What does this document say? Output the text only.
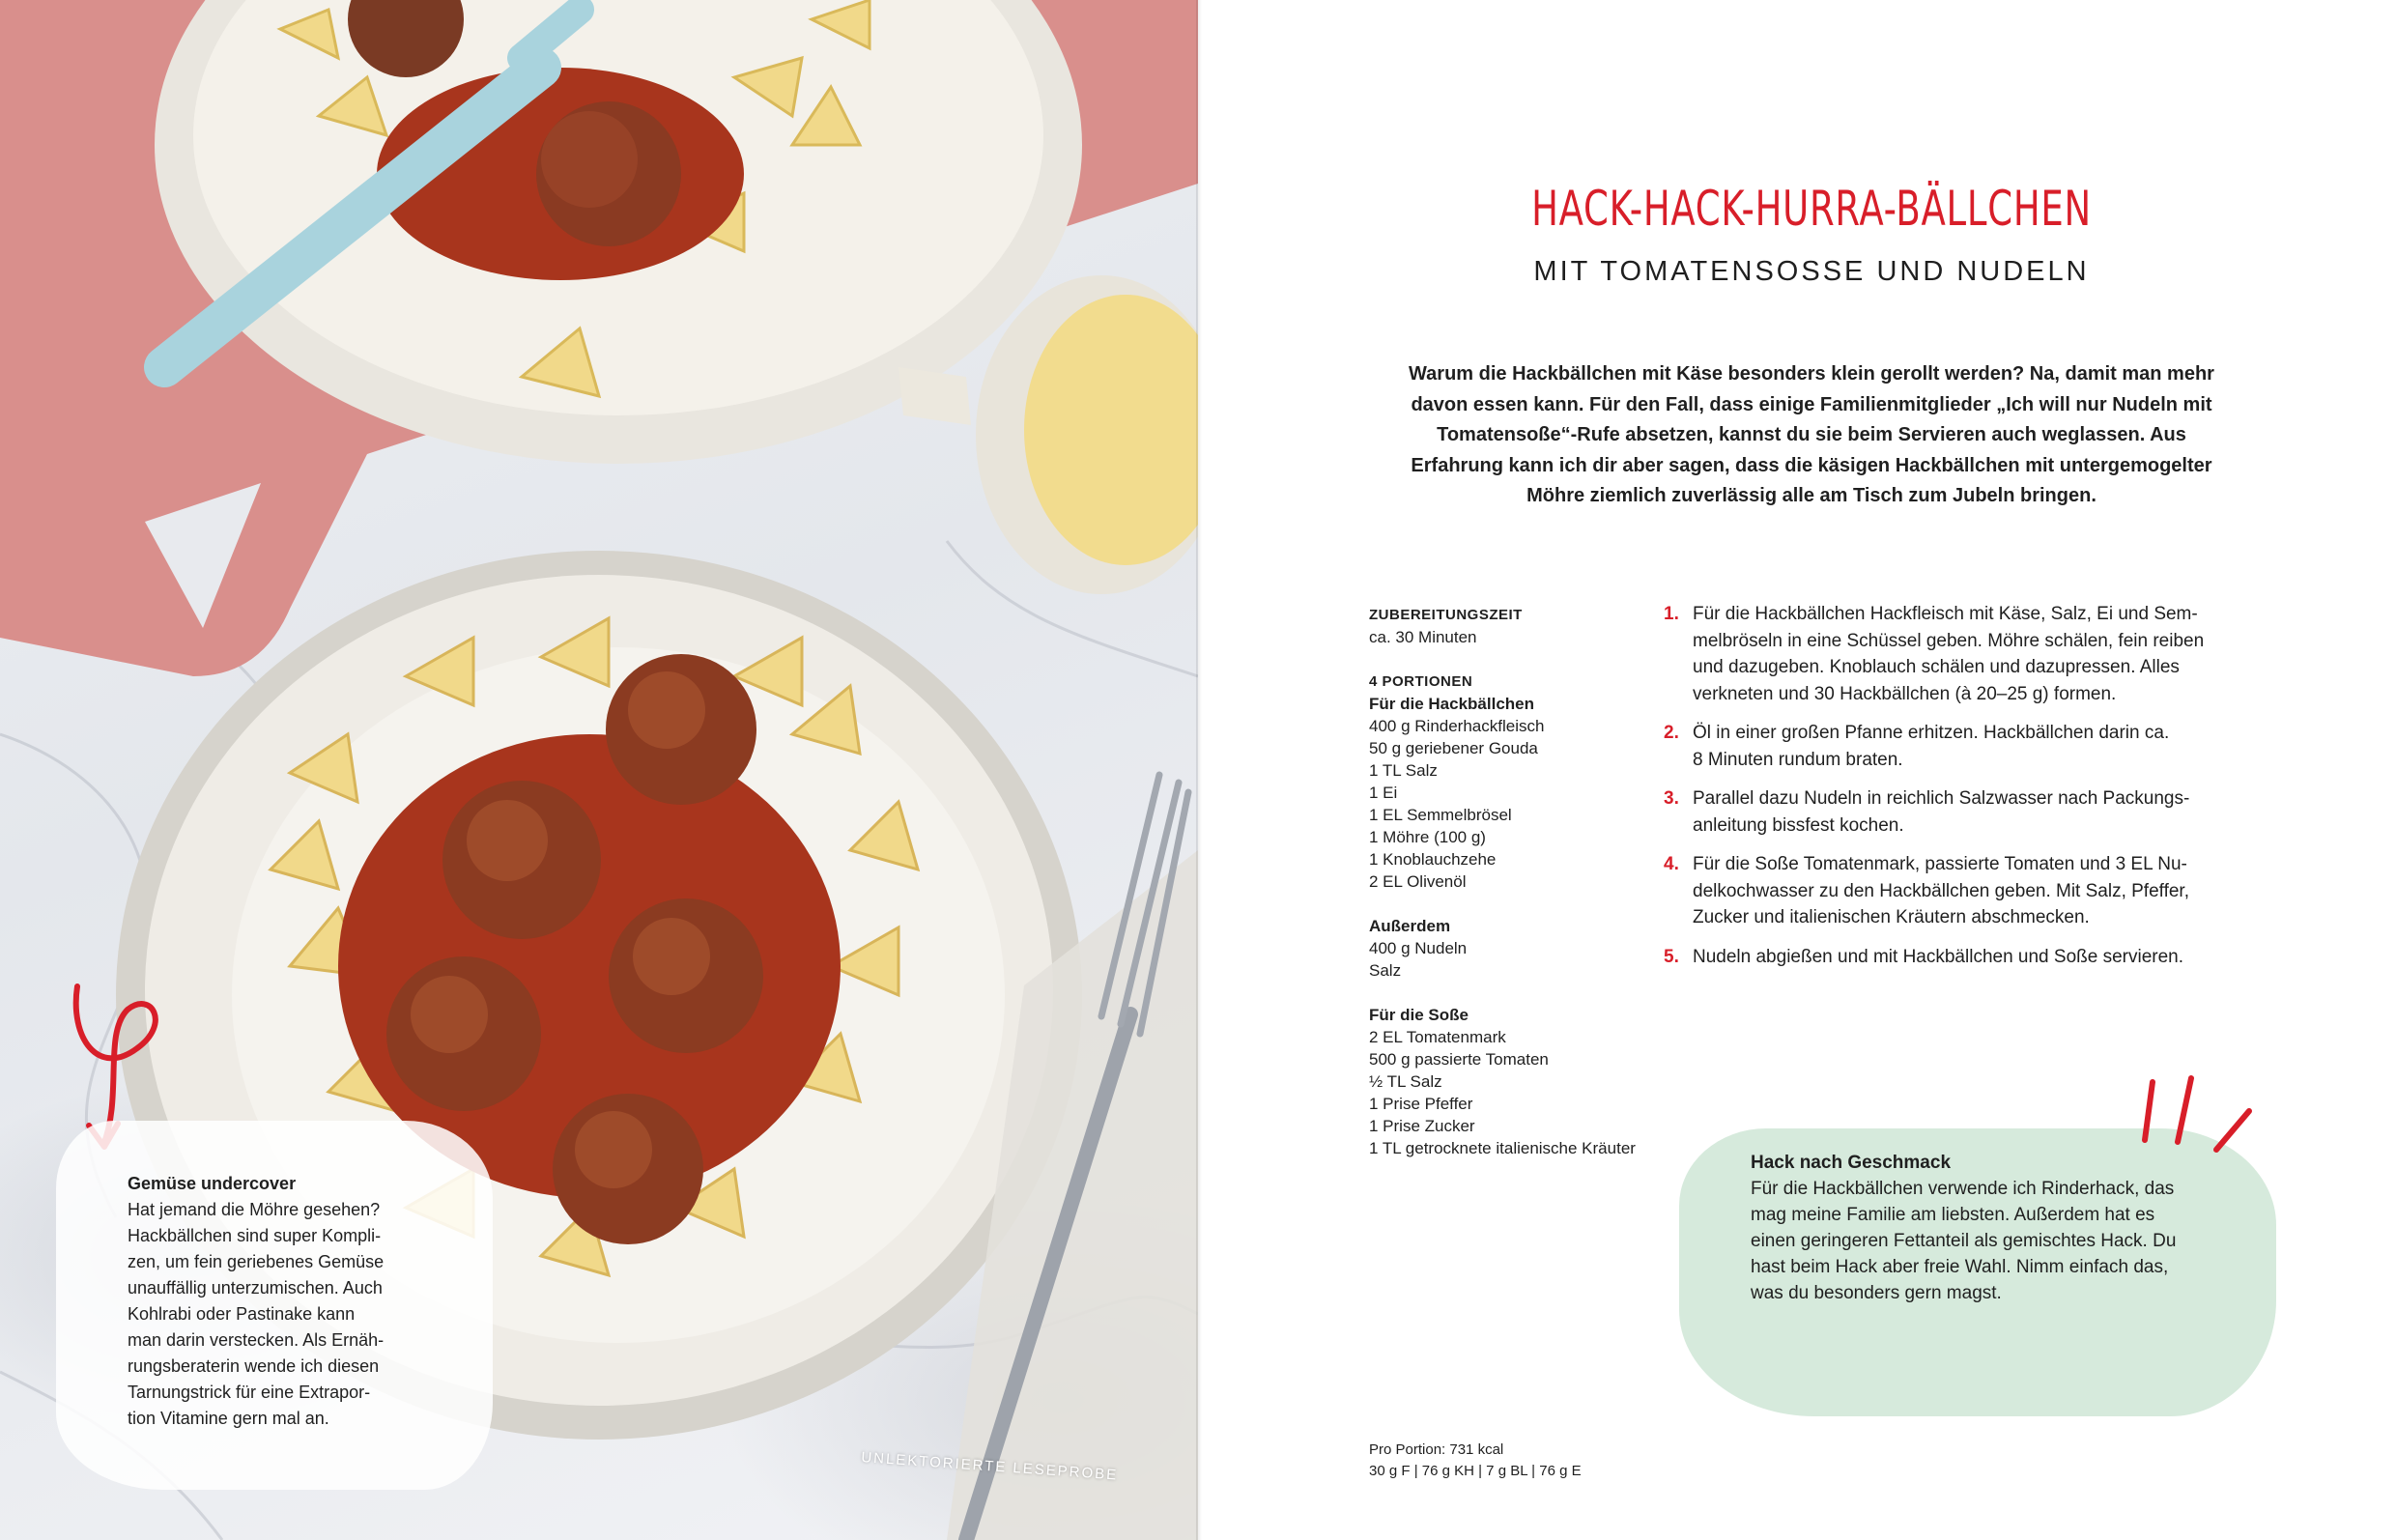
Gemüse undercover
Hat jemand die Möhre gesehen?
Hackbällchen sind super Kompli-
zen, um fein geriebenes Gemüse
unauffällig unterzumischen. Auch
Kohlrabi oder Pastinake kann
man darin verstecken. Als Ernäh-
rungsberaterin wende ich diesen
Tarnungstrick für eine Extrapor-
tion Vitamine gern mal an.
UNLEKTORIERTE LESEPROBE
HACK-HACK-HURRA-BÄLLCHEN
MIT TOMATENSOSSE UND NUDELN
Warum die Hackbällchen mit Käse besonders klein gerollt werden? Na, damit man mehr davon essen kann. Für den Fall, dass einige Familienmitglieder „Ich will nur Nudeln mit Tomatensoße“-Rufe absetzen, kannst du sie beim Servieren auch weglassen. Aus Erfahrung kann ich dir aber sagen, dass die käsigen Hackbällchen mit untergemogelter Möhre ziemlich zuverlässig alle am Tisch zum Jubeln bringen.
ZUBEREITUNGSZEIT
ca. 30 Minuten
4 PORTIONEN
Für die Hackbällchen
400 g Rinderhackfleisch
50 g geriebener Gouda
1 TL Salz
1 Ei
1 EL Semmelbrösel
1 Möhre (100 g)
1 Knoblauchzehe
2 EL Olivenöl
Außerdem
400 g Nudeln
Salz
Für die Soße
2 EL Tomatenmark
500 g passierte Tomaten
½ TL Salz
1 Prise Pfeffer
1 Prise Zucker
1 TL getrocknete italienische Kräuter
1. Für die Hackbällchen Hackfleisch mit Käse, Salz, Ei und Sem-
melbröseln in eine Schüssel geben. Möhre schälen, fein reiben
und dazugeben. Knoblauch schälen und dazupressen. Alles
verkneten und 30 Hackbällchen (à 20–25 g) formen.
2. Öl in einer großen Pfanne erhitzen. Hackbällchen darin ca.
8 Minuten rundum braten.
3. Parallel dazu Nudeln in reichlich Salzwasser nach Packungs-
anleitung bissfest kochen.
4. Für die Soße Tomatenmark, passierte Tomaten und 3 EL Nu-
delkochwasser zu den Hackbällchen geben. Mit Salz, Pfeffer,
Zucker und italienischen Kräutern abschmecken.
5. Nudeln abgießen und mit Hackbällchen und Soße servieren.
Hack nach Geschmack
Für die Hackbällchen verwende ich Rinderhack, das
mag meine Familie am liebsten. Außerdem hat es
einen geringeren Fettanteil als gemischtes Hack. Du
hast beim Hack aber freie Wahl. Nimm einfach das,
was du besonders gern magst.
Pro Portion: 731 kcal
30 g F | 76 g KH | 7 g BL | 76 g E
